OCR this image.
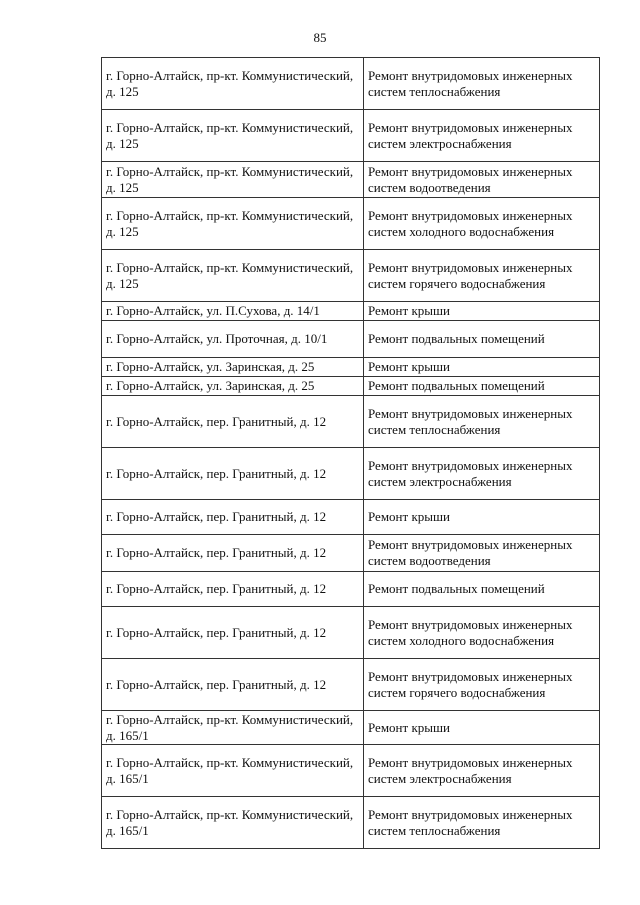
85
г. Горно-Алтайск, пр-кт. Коммунистический, д. 125	Ремонт внутридомовых инженерных систем теплоснабжения

г. Горно-Алтайск, пр-кт. Коммунистический, д. 125	Ремонт внутридомовых инженерных систем электроснабжения

г. Горно-Алтайск, пр-кт. Коммунистический, д. 125	Ремонт внутридомовых инженерных систем водоотведения

г. Горно-Алтайск, пр-кт. Коммунистический, д. 125	Ремонт внутридомовых инженерных систем холодного водоснабжения

г. Горно-Алтайск, пр-кт. Коммунистический, д. 125	Ремонт внутридомовых инженерных систем горячего водоснабжения

г. Горно-Алтайск, ул. П.Сухова, д. 14/1	Ремонт крыши

г. Горно-Алтайск, ул. Проточная, д. 10/1	Ремонт подвальных помещений

г. Горно-Алтайск, ул. Заринская, д. 25	Ремонт крыши

г. Горно-Алтайск, ул. Заринская, д. 25	Ремонт подвальных помещений

г. Горно-Алтайск, пер. Гранитный, д. 12	Ремонт внутридомовых инженерных систем теплоснабжения

г. Горно-Алтайск, пер. Гранитный, д. 12	Ремонт внутридомовых инженерных систем электроснабжения

г. Горно-Алтайск, пер. Гранитный, д. 12	Ремонт крыши

г. Горно-Алтайск, пер. Гранитный, д. 12	Ремонт внутридомовых инженерных систем водоотведения

г. Горно-Алтайск, пер. Гранитный, д. 12	Ремонт подвальных помещений

г. Горно-Алтайск, пер. Гранитный, д. 12	Ремонт внутридомовых инженерных систем холодного водоснабжения

г. Горно-Алтайск, пер. Гранитный, д. 12	Ремонт внутридомовых инженерных систем горячего водоснабжения

г. Горно-Алтайск, пр-кт. Коммунистический, д. 165/1	Ремонт крыши

г. Горно-Алтайск, пр-кт. Коммунистический, д. 165/1	Ремонт внутридомовых инженерных систем электроснабжения

г. Горно-Алтайск, пр-кт. Коммунистический, д. 165/1	Ремонт внутридомовых инженерных систем теплоснабжения
